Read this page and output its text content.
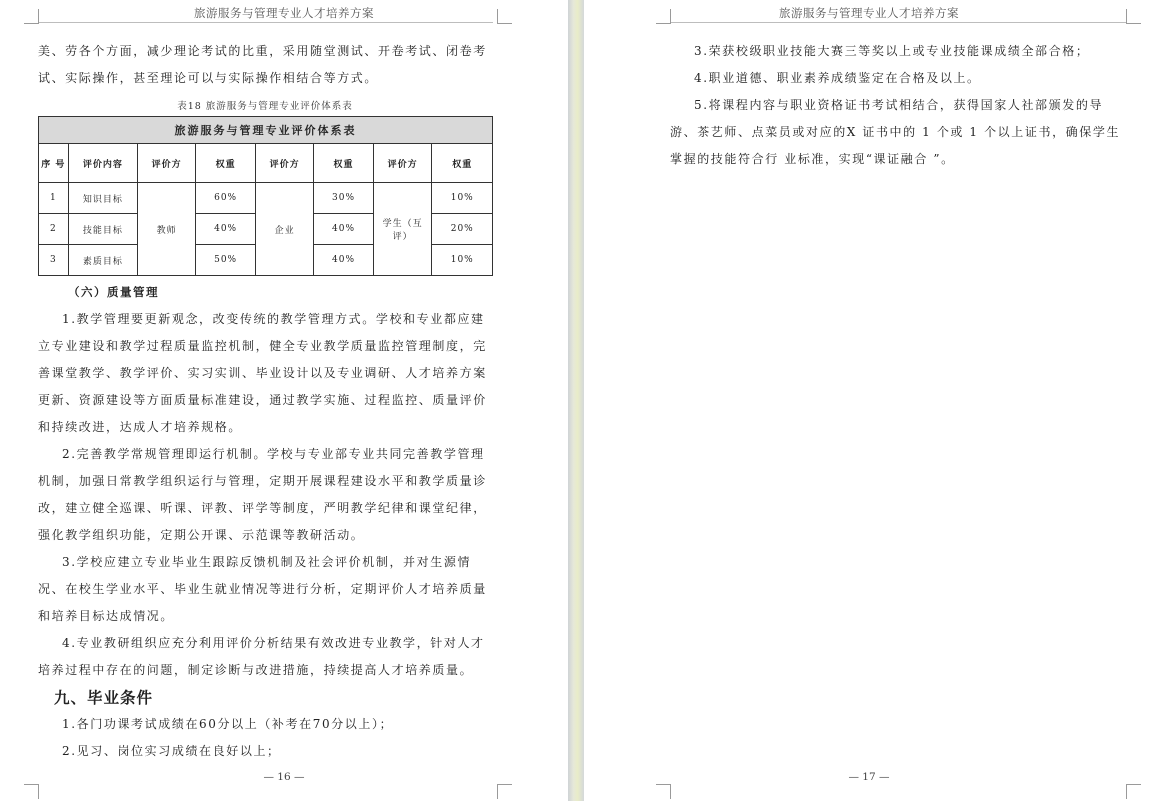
旅游服务与管理专业人才培养方案

美、劳各个方面，减少理论考试的比重，采用随堂测试、开卷考试、闭卷考试、实际操作，甚至理论可以与实际操作相结合等方式。

表18 旅游服务与管理专业评价体系表
旅游服务与管理专业评价体系表							
序 号	评价内容	评价方	权重	评价方	权重	评价方	权重
1	知识目标	教师	60%	企业	30%	学生（互评）	10%
2	技能目标		40%		40%		20%
3	素质目标		50%		40%		10%
（六）质量管理

1.教学管理要更新观念，改变传统的教学管理方式。学校和专业都应建立专业建设和教学过程质量监控机制，健全专业教学质量监控管理制度，完善课堂教学、教学评价、实习实训、毕业设计以及专业调研、人才培养方案更新、资源建设等方面质量标准建设，通过教学实施、过程监控、质量评价和持续改进，达成人才培养规格。

2.完善教学常规管理即运行机制。学校与专业部专业共同完善教学管理机制，加强日常教学组织运行与管理，定期开展课程建设水平和教学质量诊改，建立健全巡课、听课、评教、评学等制度，严明教学纪律和课堂纪律，强化教学组织功能，定期公开课、示范课等教研活动。

3.学校应建立专业毕业生跟踪反馈机制及社会评价机制，并对生源情况、在校生学业水平、毕业生就业情况等进行分析，定期评价人才培养质量和培养目标达成情况。

4.专业教研组织应充分利用评价分析结果有效改进专业教学，针对人才培养过程中存在的问题，制定诊断与改进措施，持续提高人才培养质量。

九、毕业条件

1.各门功课考试成绩在60分以上（补考在70分以上）；

2.见习、岗位实习成绩在良好以上；

— 16 —
旅游服务与管理专业人才培养方案

3.荣获校级职业技能大赛三等奖以上或专业技能课成绩全部合格；

4.职业道德、职业素养成绩鉴定在合格及以上。

5.将课程内容与职业资格证书考试相结合，获得国家人社部颁发的导游、茶艺师、点菜员或对应的X 证书中的 1 个或 1 个以上证书，确保学生掌握的技能符合行 业标准，实现“课证融合 ”。

— 17 —
